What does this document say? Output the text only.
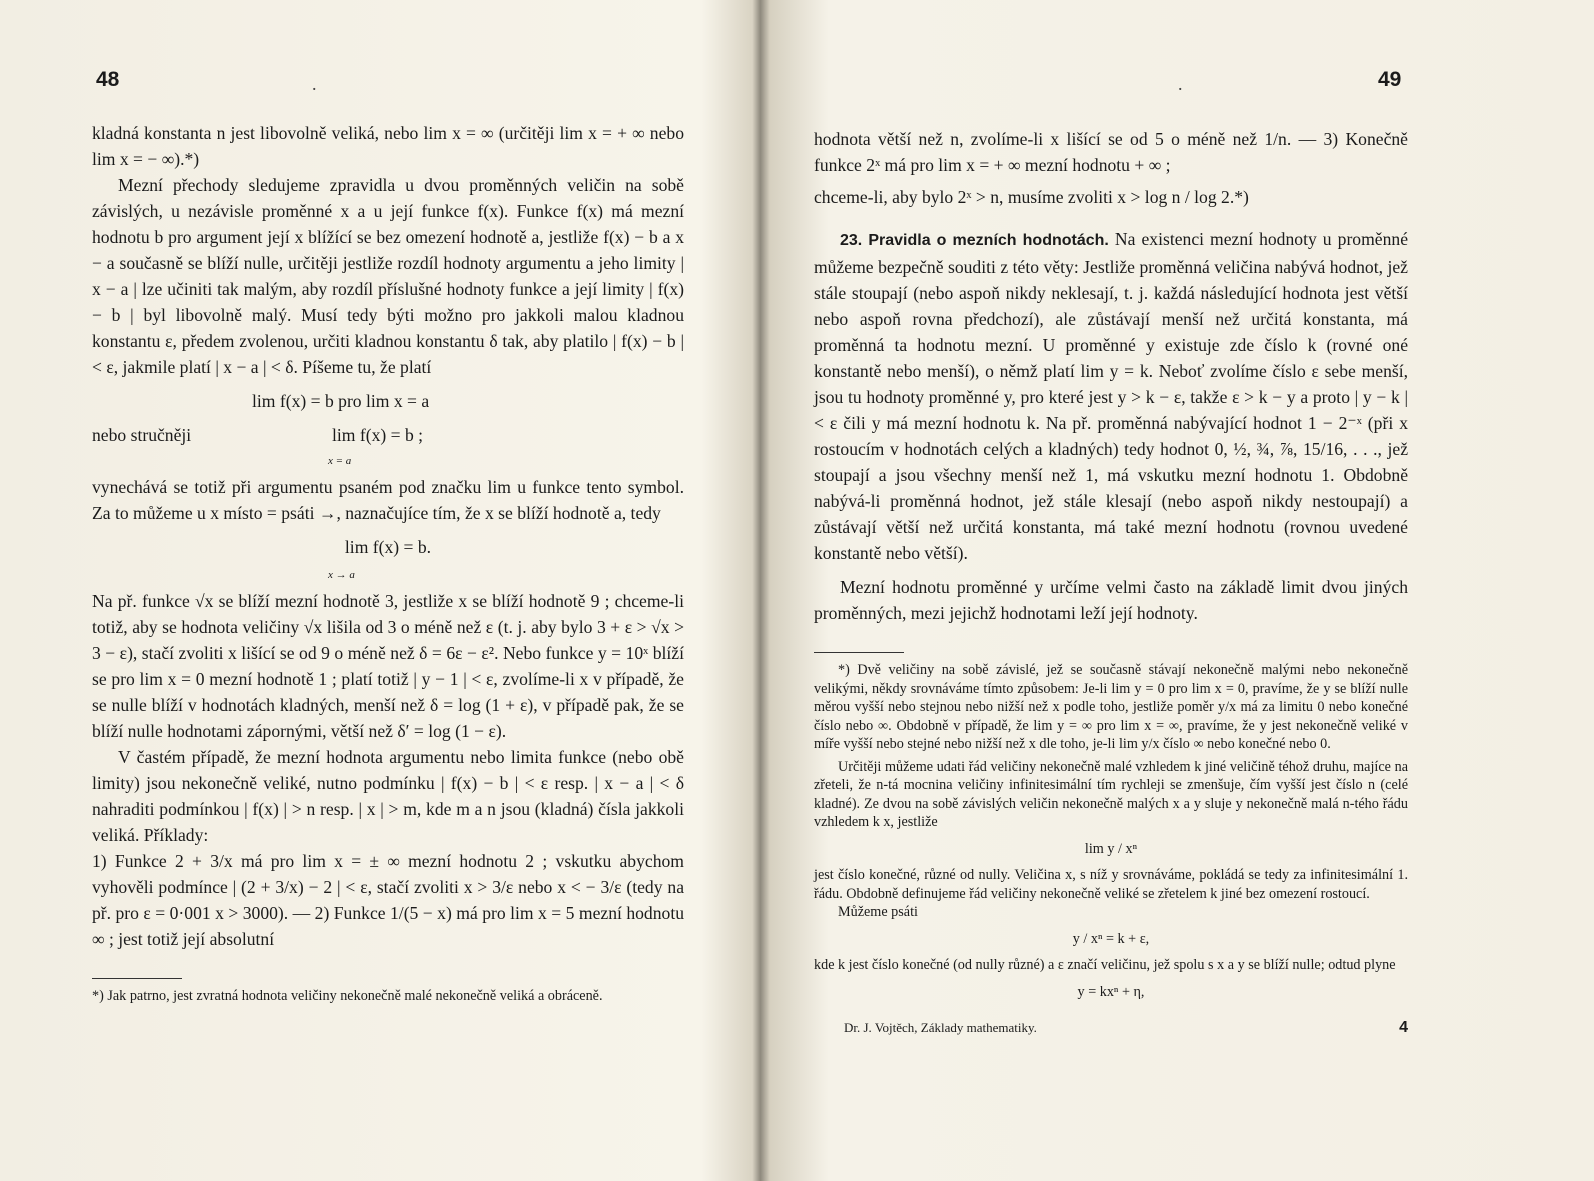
48	.

kladná konstanta n jest libovolně veliká, nebo lim x = ∞ (určitěji lim x = + ∞ nebo lim x = − ∞).*)

Mezní přechody sledujeme zpravidla u dvou proměnných veličin na sobě závislých, u nezávisle proměnné x a u její funkce f(x). Funkce f(x) má mezní hodnotu b pro argument její x blížící se bez omezení hodnotě a, jestliže f(x) − b a x − a současně se blíží nulle, určitěji jestliže rozdíl hodnoty argumentu a jeho limity | x − a | lze učiniti tak malým, aby rozdíl příslušné hodnoty funkce a její limity | f(x) − b | byl libovolně malý. Musí tedy býti možno pro jakkoli malou kladnou konstantu ε, předem zvolenou, určiti kladnou konstantu δ tak, aby platilo | f(x) − b | < ε, jakmile platí | x − a | < δ. Píšeme tu, že platí

lim f(x) = b pro lim x = a
nebo stručněji	lim f(x) = b ;
x = a

vynechává se totiž při argumentu psaném pod značku lim u funkce tento symbol. Za to můžeme u x místo = psáti →, naznačujíce tím, že x se blíží hodnotě a, tedy

lim f(x) = b.
x → a

Na př. funkce √x se blíží mezní hodnotě 3, jestliže x se blíží hodnotě 9 ; chceme-li totiž, aby se hodnota veličiny √x lišila od 3 o méně než ε (t. j. aby bylo 3 + ε > √x > 3 − ε), stačí zvoliti x lišící se od 9 o méně než δ = 6ε − ε². Nebo funkce y = 10ˣ blíží se pro lim x = 0 mezní hodnotě 1 ; platí totiž | y − 1 | < ε, zvolíme-li x v případě, že se nulle blíží v hodnotách kladných, menší než δ = log (1 + ε), v případě pak, že se blíží nulle hodnotami zápornými, větší než δ′ = log (1 − ε).

V častém případě, že mezní hodnota argumentu nebo limita funkce (nebo obě limity) jsou nekonečně veliké, nutno podmínku | f(x) − b | < ε resp. | x − a | < δ nahraditi podmínkou | f(x) | > n resp. | x | > m, kde m a n jsou (kladná) čísla jakkoli veliká. Příklady:

1) Funkce 2 + 3/x má pro lim x = ± ∞ mezní hodnotu 2 ; vskutku abychom vyhověli podmínce | (2 + 3/x) − 2 | < ε, stačí zvoliti x > 3/ε nebo x < − 3/ε (tedy na př. pro ε = 0·001 x > 3000). — 2) Funkce 1/(5 − x) má pro lim x = 5 mezní hodnotu ∞ ; jest totiž její absolutní

*) Jak patrno, jest zvratná hodnota veličiny nekonečně malé nekonečně veliká a obráceně.
49
.

hodnota větší než n, zvolíme-li x lišící se od 5 o méně než 1/n. — 3) Konečně funkce 2ˣ má pro lim x = + ∞ mezní hodnotu + ∞ ;

chceme-li, aby bylo 2ˣ > n, musíme zvoliti x > log n / log 2.*)

23. Pravidla o mezních hodnotách. Na existenci mezní hodnoty u proměnné můžeme bezpečně souditi z této věty: Jestliže proměnná veličina nabývá hodnot, jež stále stoupají (nebo aspoň nikdy neklesají, t. j. každá následující hodnota jest větší nebo aspoň rovna předchozí), ale zůstávají menší než určitá konstanta, má proměnná ta hodnotu mezní. U proměnné y existuje zde číslo k (rovné oné konstantě nebo menší), o němž platí lim y = k. Neboť zvolíme číslo ε sebe menší, jsou tu hodnoty proměnné y, pro které jest y > k − ε, takže ε > k − y a proto | y − k | < ε čili y má mezní hodnotu k. Na př. proměnná nabývající hodnot 1 − 2⁻ˣ (při x rostoucím v hodnotách celých a kladných) tedy hodnot 0, ½, ¾, ⅞, 15/16, . . ., jež stoupají a jsou všechny menší než 1, má vskutku mezní hodnotu 1. Obdobně nabývá-li proměnná hodnot, jež stále klesají (nebo aspoň nikdy nestoupají) a zůstávají větší než určitá konstanta, má také mezní hodnotu (rovnou uvedené konstantě nebo větší).

Mezní hodnotu proměnné y určíme velmi často na základě limit dvou jiných proměnných, mezi jejichž hodnotami leží její hodnoty.

*) Dvě veličiny na sobě závislé, jež se současně stávají nekonečně malými nebo nekonečně velikými, někdy srovnáváme tímto způsobem: Je-li lim y = 0 pro lim x = 0, pravíme, že y se blíží nulle měrou vyšší nebo stejnou nebo nižší než x podle toho, jestliže poměr y/x má za limitu 0 nebo konečné číslo nebo ∞. Obdobně v případě, že lim y = ∞ pro lim x = ∞, pravíme, že y jest nekonečně veliké v míře vyšší nebo stejné nebo nižší než x dle toho, je-li lim y/x číslo ∞ nebo konečné nebo 0.

Určitěji můžeme udati řád veličiny nekonečně malé vzhledem k jiné veličině téhož druhu, majíce na zřeteli, že n-tá mocnina veličiny infinitesimální tím rychleji se zmenšuje, čím vyšší jest číslo n (celé kladné). Ze dvou na sobě závislých veličin nekonečně malých x a y sluje y nekonečně malá n-tého řádu vzhledem k x, jestliže

lim y / xⁿ

jest číslo konečné, různé od nully. Veličina x, s níž y srovnáváme, pokládá se tedy za infinitesimální 1. řádu. Obdobně definujeme řád veličiny nekonečně veliké se zřetelem k jiné bez omezení rostoucí.

Můžeme psáti

y / xⁿ = k + ε,

kde k jest číslo konečné (od nully různé) a ε značí veličinu, jež spolu s x a y se blíží nulle; odtud plyne

y = kxⁿ + η,
Dr. J. Vojtěch, Základy mathematiky.	4
